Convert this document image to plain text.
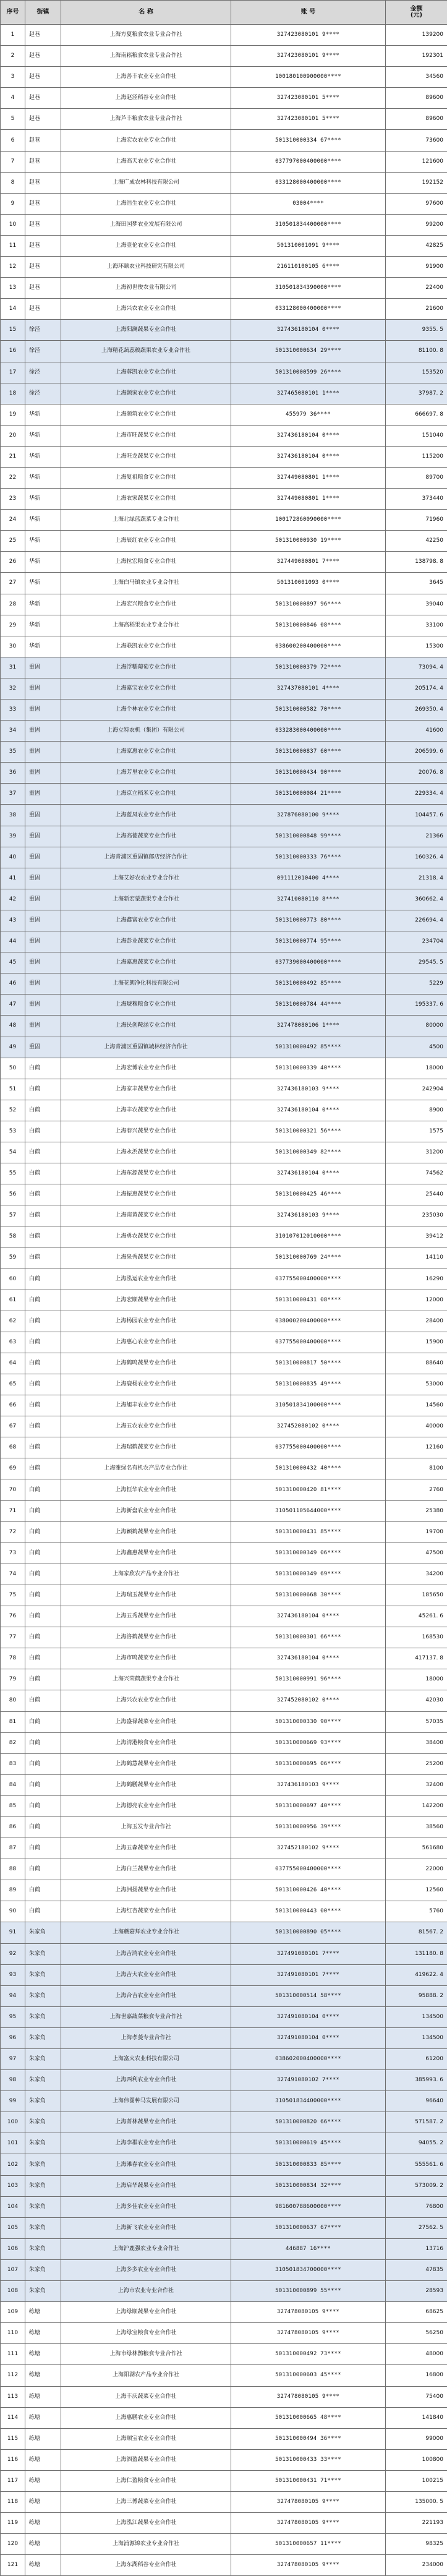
序号	街镇	名 称	账 号	金额
(元)
1	赵巷	上海方夏粮食农业专业合作社	327423080101 9****	139200
2	赵巷	上海南崧粮食农业专业合作社	327423080101 9****	192301
3	赵巷	上海善丰农业专业合作社	100180100900000****	34560
4	赵巷	上海赵泾稻谷专业合作社	327423080101 5****	89600
5	赵巷	上海芦丰粮食农业专业合作社	327423080101 5****	89600
6	赵巷	上海宏农农业专业合作社	501310000334 67****	73600
7	赵巷	上海高天农业专业合作社	037797000400000****	121600
8	赵巷	上海广成农林科技有限公司	033128000400000****	192152
9	赵巷	上海浩生农业专业合作社	03004****	97600
10	赵巷	上海田园梦农业发展有限公司	310501834400000****	99200
11	赵巷	上海壹伦农业专业合作社	501310001091 9****	42825
12	赵巷	上海环颐农业科技研究有限公司	216110100105 6****	91900
13	赵巷	上海初世俊农业有限公司	310501834390000****	22400
14	赵巷	上海兴农农业专业合作社	033128000400000****	21600
15	徐泾	上海阳澜蔬果专业合作社	327436180104 0****	9355. 5
16	徐泾	上海精花蔬蕊稿蔬果农业专业合作社	501310000634 29****	81100. 8
17	徐泾	上海蓉凯农业专业合作社	501310000599 26****	153520
18	徐泾	上海颢家农业专业合作社	327465080101 1****	37987. 2
19	华新	上海颜筑农业专业合作社	455979 36****	666697. 8
20	华新	上海市旺蔬果专业合作社	327436180104 0****	151040
21	华新	上海旺龙蔬果专业合作社	327436180104 0****	115200
22	华新	上海复祖粮食专业合作社	327449080801 1****	89700
23	华新	上海农家蔬果专业合作社	327449080801 1****	373440
24	华新	上海北绿蓝蔬菜专业合作社	100172860090000****	71960
25	华新	上海辰红农业专业合作社	501310000930 19****	42250
26	华新	上海拉宏粮食专业合作社	327449080801 7****	138798. 8
27	华新	上海白马镇农业专业合作社	501310001093 0****	3645
28	华新	上海宏兴粮食专业合作社	501310000897 96****	39040
29	华新	上海高稻果农业专业合作社	501310000846 08****	33100
30	华新	上海联凯农业专业合作社	038600200400000****	15300
31	重固	上海浮糯葡萄专业合作社	501310000379 72****	73094. 4
32	重固	上海嘉宝农业专业合作社	327437080101 4****	205174. 4
33	重固	上海个林农业专业合作社	501310000582 70****	269350. 4
34	重固	上海立特农机（集团）有限公司	033283000400000****	41600
35	重固	上海家惠农业专业合作社	501310000837 60****	206599. 6
36	重固	上海芳里农业专业合作社	501310000434 90****	20076. 8
37	重固	上海京立稻米专业合作社	501310000084 21****	229334. 4
38	重固	上海蓝凤农业专业合作社	327876080100 9****	104457. 6
39	重固	上海高德蔬菜专业合作社	501310000848 99****	21366
40	重固	上海青浦区重固镇郎店经济合作社	501310000333 76****	160326. 4
41	重固	上海艾好农农业专业合作社	091112010400 4****	21318. 4
42	重固	上海新宏蒙蔬果专业合作社	327410080110 8****	360662. 4
43	重固	上海鑫富农业专业合作社	501310000773 80****	226694. 4
44	重固	上海彭业蔬菜专业合作社	501310000774 95****	234704
45	重固	上海嘉惠蔬菜专业合作社	037739000400000****	29545. 5
46	重固	上海花朗净化科技有限公司	501310000492 85****	5229
47	重固	上海琥穆粮食专业合作社	501310000784 44****	195337. 6
48	重固	上海民创鞍涵专业合作社	327478080106 1****	80000
49	重固	上海青浦区重固镇城林经济合作社	501310000492 85****	4500
50	白鹤	上海宏博农业专业合作社	501310000339 40****	18000
51	白鹤	上海家丰蔬果专业合作社	327436180103 9****	242904
52	白鹤	上海丰农蔬菜专业合作社	327436180104 0****	8900
53	白鹤	上海春兴蔬果专业合作社	501310000321 56****	1575
54	白鹤	上海永浜蔬果专业合作社	501310000349 82****	31200
55	白鹤	上海东源蔬果专业合作社	327436180104 0****	74562
56	白鹤	上海振惠蔬果专业合作社	501310000425 46****	25440
57	白鹤	上海南黄蔬菜专业合作社	327436180103 9****	235030
58	白鹤	上海勇农蔬果专业合作社	310107012010000****	39412
59	白鹤	上海泉秀蔬果专业合作社	501310000769 24****	14110
60	白鹤	上海泓运农业专业合作社	037755000400000****	16290
61	白鹤	上海宏顺蔬果专业合作社	501310000431 08****	12000
62	白鹤	上海杨园农业专业合作社	038000200400000****	28400
63	白鹤	上海惠心农业专业合作社	037755000400000****	15900
64	白鹤	上海鹤鸣蔬果专业合作社	501310000817 50****	88640
65	白鹤	上海鹿杨农业专业合作社	501310000835 49****	53000
66	白鹤	上海旭丰农业专业合作社	310501834100000****	14560
67	白鹤	上海五农农业专业合作社	327452080102 0****	40000
68	白鹤	上海瑞鹤蔬菜专业合作社	037755000400000****	12160
69	白鹤	上海雅绿名有机农产品专业合作社	501310000432 40****	8100
70	白鹤	上海恒华农业专业合作社	501310000420 81****	2760
71	白鹤	上海新盘农业专业合作社	310501105644000****	25380
72	白鹤	上海颖鹤蔬果专业合作社	501310000431 85****	19700
73	白鹤	上海鑫惠蔬果专业合作社	501310000349 06****	47500
74	白鹤	上海家欣农产品专业合作社	501310000349 69****	34200
75	白鹤	上海瑞玉蔬果专业合作社	501310000668 30****	185650
76	白鹤	上海五秀蔬果专业合作社	327436180104 0****	45261. 6
77	白鹤	上海洛鹤蔬果专业合作社	501310000301 66****	168530
78	白鹤	上海市鸣蔬菜专业合作社	327436180104 0****	417137. 8
79	白鹤	上海兴荣鹤蔬果专业合作社	501310000991 96****	18000
80	白鹤	上海兴农农业专业合作社	327452080102 0****	42030
81	白鹤	上海盛禄蔬菜专业合作社	501310000330 90****	57035
82	白鹤	上海清港粮食专业合作社	501310000669 93****	38400
83	白鹤	上海鹤慧蔬果专业合作社	501310000695 06****	25200
84	白鹤	上海鹤鹏蔬果专业合作社	327436180103 9****	32400
85	白鹤	上海德亮农业专业合作社	501310000697 40****	142200
86	白鹤	上海玉发专业合作社	501310000956 39****	38560
87	白鹤	上海五森蔬菜专业合作社	327452180102 9****	561680
88	白鹤	上海白兰蔬果专业合作社	037755000400000****	22000
89	白鹤	上海洲扬蔬果专业合作社	501310000426 40****	12560
90	白鹤	上海红杏蔬菜专业合作社	501310000443 00****	5760
91	朱家角	上海蘑菇拜农业专业合作社	501310000890 05****	81567. 2
92	朱家角	上海吉鸿农业专业合作社	327491080101 7****	131180. 8
93	朱家角	上海吉大农业专业合作社	327491080101 7****	419622. 4
94	朱家角	上海合吉农业专业合作社	501310000514 58****	95888. 2
95	朱家角	上海世嘉蔬菜粮食专业合作社	327491080104 0****	134500
96	朱家角	上海孝菱专业合作社	327491080104 0****	134500
97	朱家角	上海富火农业科技有限公司	038602000400000****	61200
98	朱家角	上海西利农业专业合作社	327491080102 7****	385993. 6
99	朱家角	上海伟图种马发展有限公司	310501834400000****	96640
100	朱家角	上海菁林蔬果专业合作社	501310000820 66****	571587. 2
101	朱家角	上海李群农业专业合作社	501310000619 45****	94055. 2
102	朱家角	上海滩春农业专业合作社	501310000833 85****	555561. 6
103	朱家角	上海启华蔬果专业合作社	501310000834 32****	573009. 2
104	朱家角	上海多佳农业专业合作社	981600788600000****	76800
105	朱家角	上海新飞农业专业合作社	501310000637 67****	27562. 5
106	朱家角	上海沪鹿强农业专业合作社	446887 16****	13716
107	朱家角	上海多多农业专业合作社	310501834700000****	47835
108	朱家角	上海市农业专业合作社	501310000899 55****	28593
109	练塘	上海绿顺蔬果专业合作社	327478080105 9****	68625
110	练塘	上海绿宝粮食专业合作社	327478080105 9****	56250
111	练塘	上海市绿林鹊粮食专业合作社	501310000492 73****	48000
112	练塘	上海阳湖农产品专业合作社	501310000603 45****	16800
113	练塘	上海丰庆蔬菜专业合作社	327478080105 9****	75400
114	练塘	上海惠鹏农业专业合作社	501310000665 48****	141840
115	练塘	上海顺宝农业专业合作社	501310000494 36****	99000
116	练塘	上海泗盈蔬果专业合作社	501310000433 33****	100800
117	练塘	上海仁盈粮食专业合作社	501310000431 71****	100215
118	练塘	上海三博蔬菜专业合作社	327478080105 9****	135000. 5
119	练塘	上海泓江蔬果专业合作社	327478080105 9****	221193
120	练塘	上海浦源锦农业专业合作社	501310000657 11****	98325
121	练塘	上海东湖稻谷专业合作社	327478080105 9****	234000
